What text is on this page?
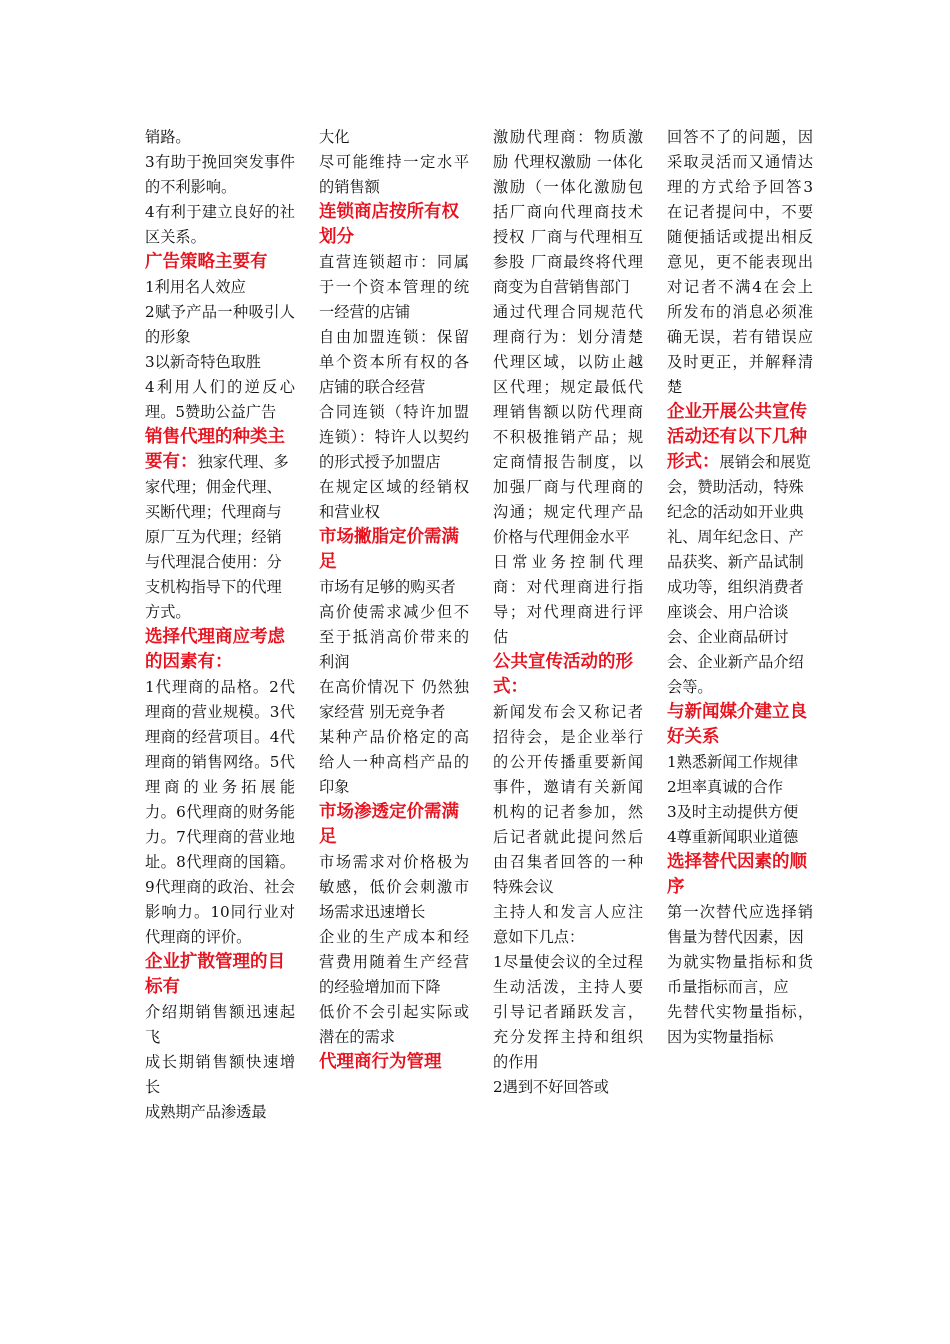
销路。

3有助于挽回突发事件的不利影响。

4有利于建立良好的社区关系。

广告策略主要有

1利用名人效应

2赋予产品一种吸引人的形象

3以新奇特色取胜

4利用人们的逆反心理。5赞助公益广告

销售代理的种类主要有：独家代理、多家代理；佣金代理、买断代理；代理商与原厂互为代理；经销与代理混合使用：分支机构指导下的代理方式。
选择代理商应考虑的因素有：

1代理商的品格。2代理商的营业规模。3代理商的经营项目。4代理商的销售网络。5代理商的业务拓展能力。6代理商的财务能力。7代理商的营业地址。8代理商的国籍。9代理商的政治、社会影响力。10同行业对代理商的评价。

企业扩散管理的目标有

介绍期销售额迅速起飞

成长期销售额快速增长

成熟期产品渗透最

大化

尽可能维持一定水平的销售额

连锁商店按所有权划分

直营连锁超市：同属于一个资本管理的统一经营的店铺

自由加盟连锁：保留单个资本所有权的各店铺的联合经营

合同连锁（特许加盟连锁）：特许人以契约的形式授予加盟店

在规定区域的经销权和营业权

市场撇脂定价需满足

市场有足够的购买者

高价使需求减少但不至于抵消高价带来的利润

在高价情况下 仍然独家经营 别无竞争者

某种产品价格定的高 给人一种高档产品的印象

市场渗透定价需满足

市场需求对价格极为敏感，低价会刺激市场需求迅速增长

企业的生产成本和经营费用随着生产经营的经验增加而下降

低价不会引起实际或潜在的需求

代理商行为管理

激励代理商：物质激励 代理权激励 一体化激励（一体化激励包括厂商向代理商技术授权 厂商与代理相互参股 厂商最终将代理商变为自营销售部门

通过代理合同规范代理商行为：划分清楚代理区域，以防止越区代理；规定最低代理销售额以防代理商不积极推销产品；规定商情报告制度，以加强厂商与代理商的沟通；规定代理产品价格与代理佣金水平

日常业务控制代理商：对代理商进行指导；对代理商进行评估

公共宣传活动的形式：

新闻发布会又称记者招待会，是企业举行的公开传播重要新闻事件，邀请有关新闻机构的记者参加，然后记者就此提问然后由召集者回答的一种特殊会议

主持人和发言人应注意如下几点：

1尽量使会议的全过程生动活泼，主持人要引导记者踊跃发言，充分发挥主持和组织的作用

2遇到不好回答或

回答不了的问题，因采取灵活而又通情达理的方式给予回答3在记者提问中，不要随便插话或提出相反意见，更不能表现出对记者不满4在会上所发布的消息必须准确无误，若有错误应及时更正，并解释清楚

企业开展公共宣传活动还有以下几种形式：展销会和展览会，赞助活动，特殊纪念的活动如开业典礼、周年纪念日、产品获奖、新产品试制成功等，组织消费者座谈会、用户洽谈会、企业商品研讨会、企业新产品介绍会等。
与新闻媒介建立良好关系

1熟悉新闻工作规律

2坦率真诚的合作

3及时主动提供方便

4尊重新闻职业道德

选择替代因素的顺序

第一次替代应选择销售量为替代因素，因

为就实物量指标和货币量指标而言，应

先替代实物量指标，因为实物量指标
